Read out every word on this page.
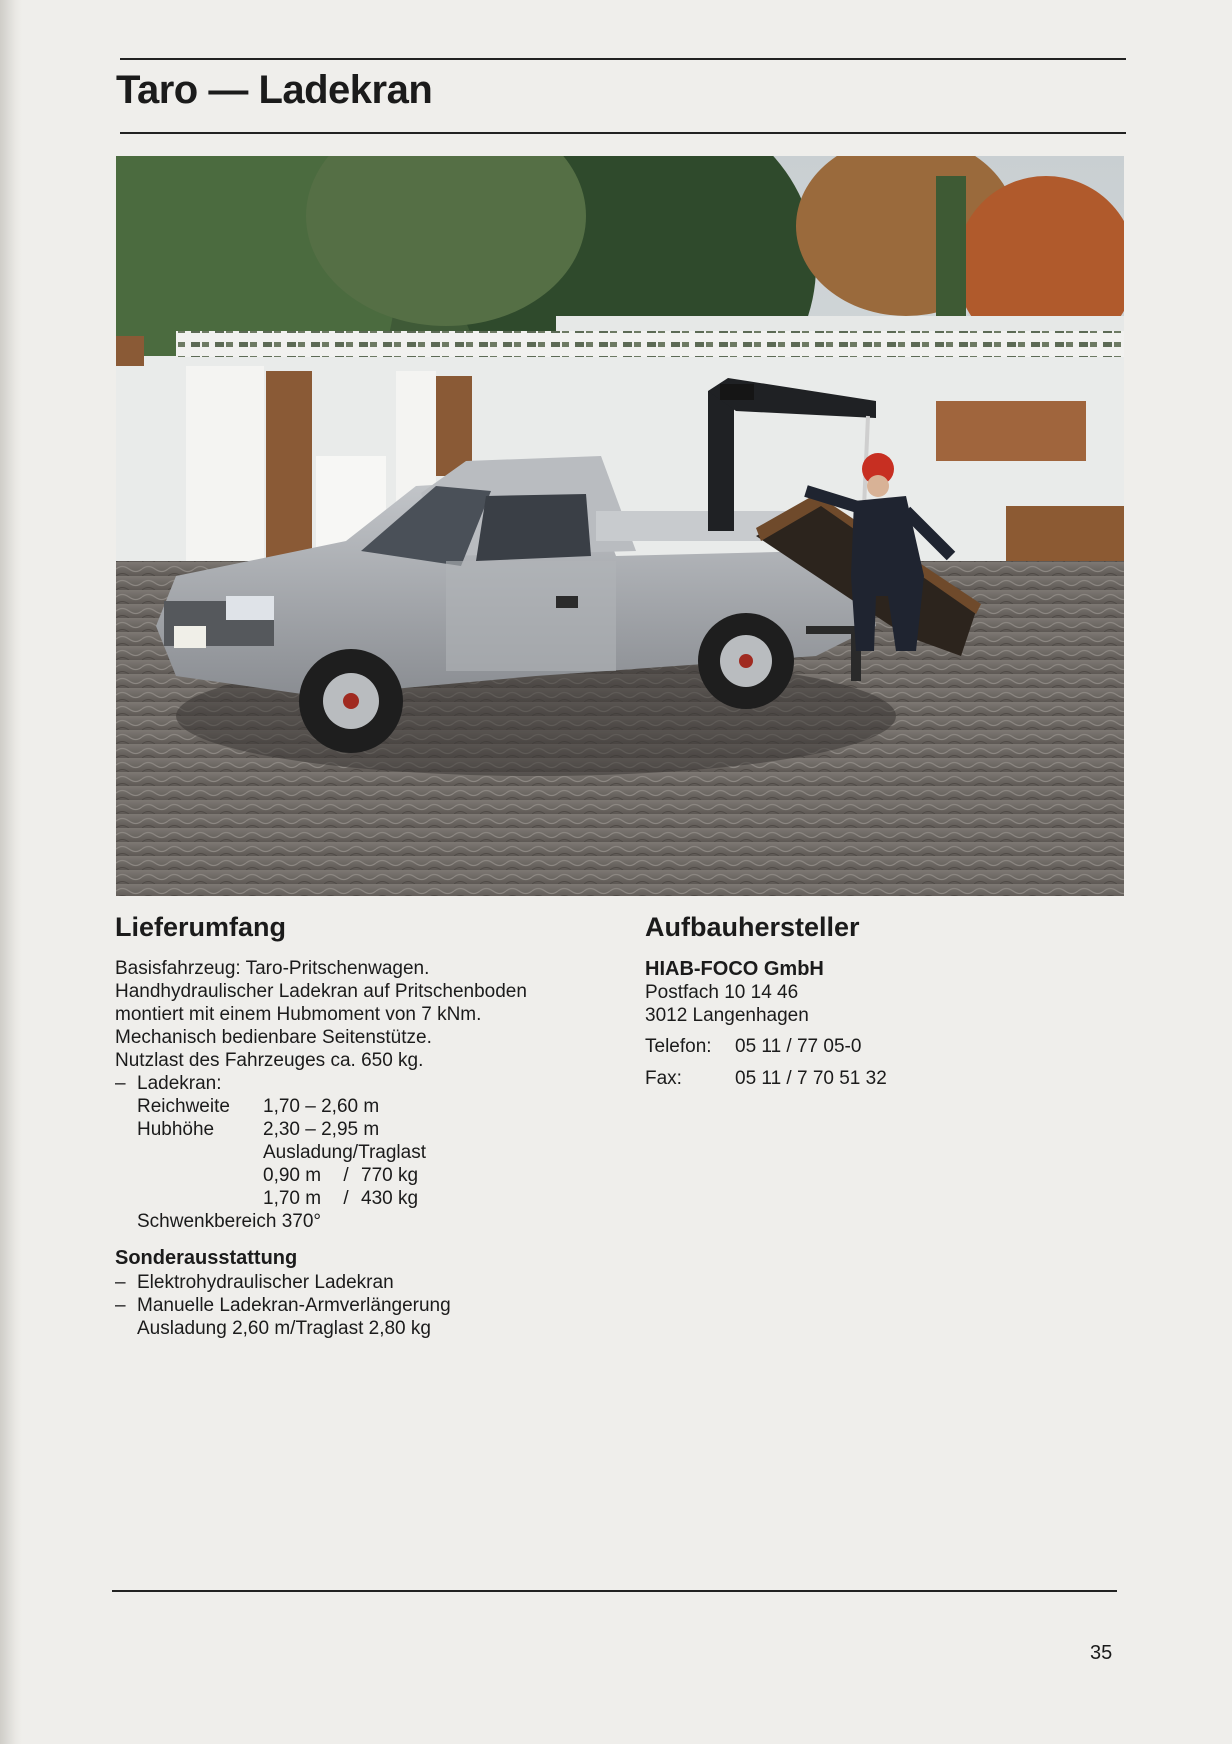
Taro — Ladekran
Lieferumfang
Basisfahrzeug: Taro-Pritschenwagen.
Handhydraulischer Ladekran auf Pritschenboden
montiert mit einem Hubmoment von 7 kNm.
Mechanisch bedienbare Seitenstütze.
Nutzlast des Fahrzeuges ca. 650 kg.
– Ladekran:
Reichweite	1,70 – 2,60 m
Hubhöhe	2,30 – 2,95 m
Ausladung/Traglast
0,90 m / 770 kg
1,70 m / 430 kg
Schwenkbereich 370°
Sonderausstattung
– Elektrohydraulischer Ladekran
– Manuelle Ladekran-Armverlängerung
Ausladung 2,60 m/Traglast 2,80 kg
Aufbauhersteller
HIAB-FOCO GmbH
Postfach 10 14 46
3012 Langenhagen
Telefon:	05 11 / 77 05-0
Fax:	05 11 / 7 70 51 32
35
